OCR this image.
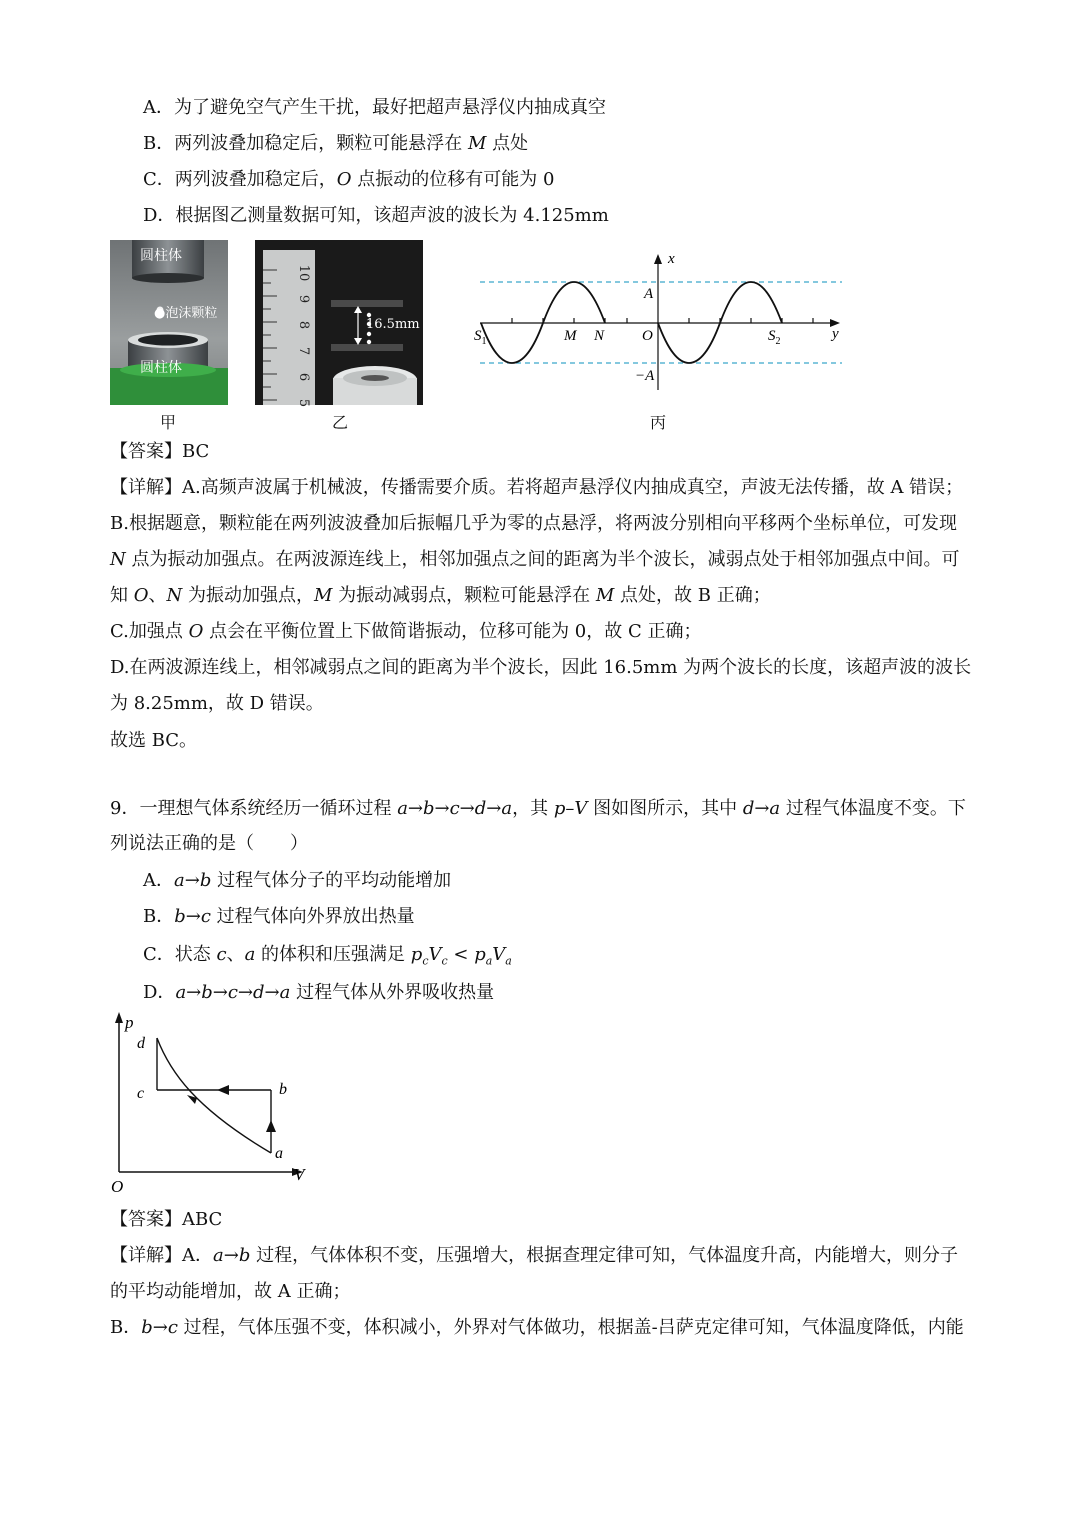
A．为了避免空气产生干扰，最好把超声悬浮仪内抽成真空
B．两列波叠加稳定后，颗粒可能悬浮在 M 点处
C．两列波叠加稳定后，O 点振动的位移有可能为 0
D．根据图乙测量数据可知，该超声波的波长为 4.125mm
圆柱体
●泡沫颗粒
圆柱体
甲
16.5mm
10
9
8
7
6
5
乙
x
y
A
−A
$S_1$	M N	O	$S_2$
丙
【答案】BC
【详解】A.高频声波属于机械波，传播需要介质。若将超声悬浮仪内抽成真空，声波无法传播，故 A 错误；
B.根据题意，颗粒能在两列波波叠加后振幅几乎为零的点悬浮，将两波分别相向平移两个坐标单位，可发现
N 点为振动加强点。在两波源连线上，相邻加强点之间的距离为半个波长，减弱点处于相邻加强点中间。可
知 O、N 为振动加强点，M 为振动减弱点，颗粒可能悬浮在 M 点处，故 B 正确；
C.加强点 O 点会在平衡位置上下做简谐振动，位移可能为 0，故 C 正确；
D.在两波源连线上，相邻减弱点之间的距离为半个波长，因此 16.5mm 为两个波长的长度，该超声波的波长
为 8.25mm，故 D 错误。
故选 BC。
9．一理想气体系统经历一循环过程 a→b→c→d→a，其 p–V 图如图所示，其中 d→a 过程气体温度不变。下
列说法正确的是（　　）
A．a→b 过程气体分子的平均动能增加
B．b→c 过程气体向外界放出热量
C．状态 c、a 的体积和压强满足 $p_cV_c < p_aV_a$
D．a→b→c→d→a 过程气体从外界吸收热量
p
V
O
d
c	b
a
【答案】ABC
【详解】A．a→b 过程，气体体积不变，压强增大，根据查理定律可知，气体温度升高，内能增大，则分子
的平均动能增加，故 A 正确；
B．b→c 过程，气体压强不变，体积减小，外界对气体做功，根据盖-吕萨克定律可知，气体温度降低，内能
